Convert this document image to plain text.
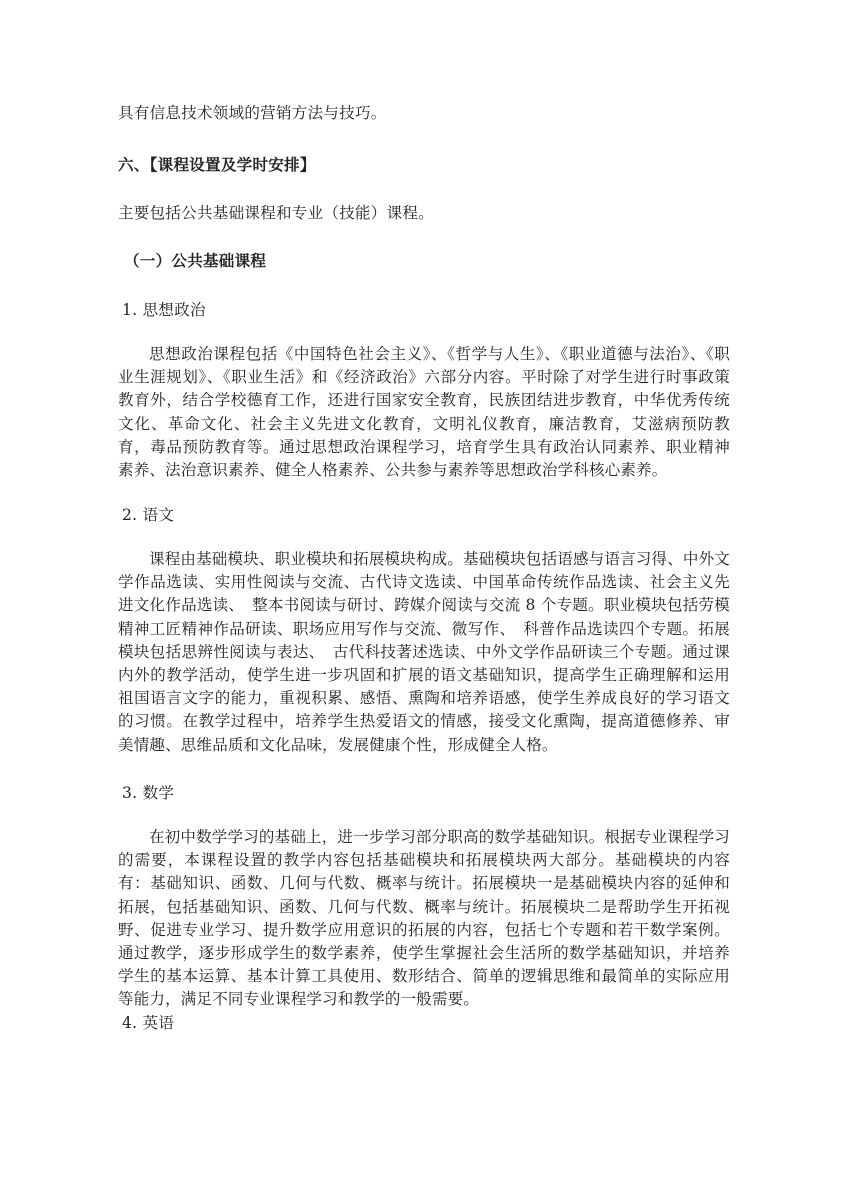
具有信息技术领域的营销方法与技巧。
六、【课程设置及学时安排】
主要包括公共基础课程和专业（技能）课程。
（一）公共基础课程
1. 思想政治
思想政治课程包括《中国特色社会主义》、《哲学与人生》、《职业道德与法治》、《职业生涯规划》、《职业生活》和《经济政治》六部分内容。平时除了对学生进行时事政策教育外，结合学校德育工作，还进行国家安全教育，民族团结进步教育，中华优秀传统文化、革命文化、社会主义先进文化教育，文明礼仪教育，廉洁教育，艾滋病预防教育，毒品预防教育等。通过思想政治课程学习，培育学生具有政治认同素养、职业精神素养、法治意识素养、健全人格素养、公共参与素养等思想政治学科核心素养。
2. 语文
课程由基础模块、职业模块和拓展模块构成。基础模块包括语感与语言习得、中外文学作品选读、实用性阅读与交流、古代诗文选读、中国革命传统作品选读、社会主义先进文化作品选读、　整本书阅读与研讨、跨媒介阅读与交流 8 个专题。职业模块包括劳模精神工匠精神作品研读、职场应用写作与交流、微写作、　科普作品选读四个专题。拓展模块包括思辨性阅读与表达、　古代科技著述选读、中外文学作品研读三个专题。通过课内外的教学活动，使学生进一步巩固和扩展的语文基础知识，提高学生正确理解和运用祖国语言文字的能力，重视积累、感悟、熏陶和培养语感，使学生养成良好的学习语文的习惯。在教学过程中，培养学生热爱语文的情感，接受文化熏陶，提高道德修养、审美情趣、思维品质和文化品味，发展健康个性，形成健全人格。
3. 数学
在初中数学学习的基础上，进一步学习部分职高的数学基础知识。根据专业课程学习的需要，本课程设置的教学内容包括基础模块和拓展模块两大部分。基础模块的内容有：基础知识、函数、几何与代数、概率与统计。拓展模块一是基础模块内容的延伸和拓展，包括基础知识、函数、几何与代数、概率与统计。拓展模块二是帮助学生开拓视野、促进专业学习、提升数学应用意识的拓展的内容，包括七个专题和若干数学案例。通过教学，逐步形成学生的数学素养，使学生掌握社会生活所的数学基础知识，并培养学生的基本运算、基本计算工具使用、数形结合、简单的逻辑思维和最简单的实际应用等能力，满足不同专业课程学习和教学的一般需要。
4. 英语
